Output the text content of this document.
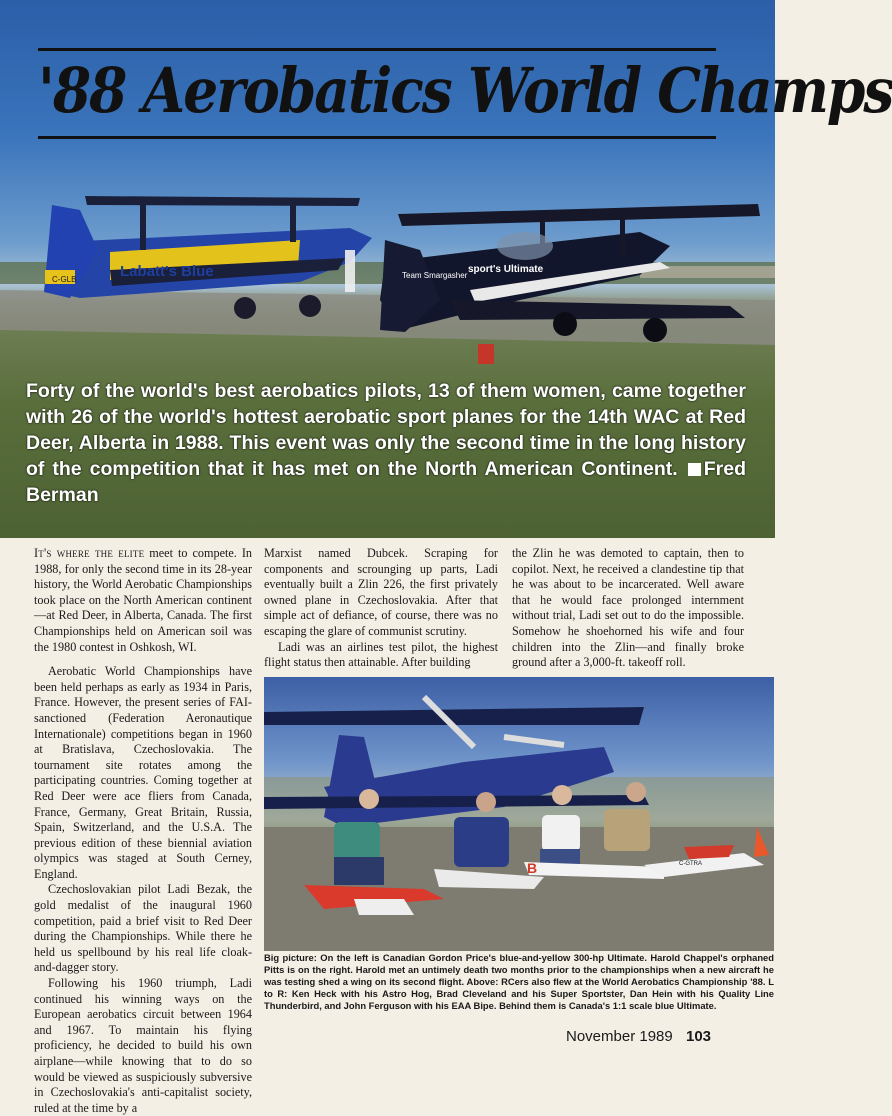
Labatt's Blue
C-GLB	Team Smargasher
sport's Ultimate
'88 Aerobatics World Champs
Forty of the world's best aerobatics pilots, 13 of them women, came together with 26 of the world's hottest aerobatic sport planes for the 14th WAC at Red Deer, Alberta in 1988. This event was only the second time in the long history of the competition that it has met on the North American Continent. Fred Berman

It's where the elite meet to compete. In 1988, for only the second time in its 28-year history, the World Aerobatic Championships took place on the North American continent—at Red Deer, in Alberta, Canada. The first Championships held on American soil was the 1980 contest in Oshkosh, WI.

Aerobatic World Championships have been held perhaps as early as 1934 in Paris, France. However, the present series of FAI-sanctioned (Federation Aeronautique Internationale) competitions began in 1960 at Bratislava, Czechoslovakia. The tournament site rotates among the participating countries. Coming together at Red Deer were ace fliers from Canada, France, Germany, Great Britain, Russia, Spain, Switzerland, and the U.S.A. The previous edition of these biennial aviation olympics was staged at South Cerney, England.

Czechoslovakian pilot Ladi Bezak, the gold medalist of the inaugural 1960 competition, paid a brief visit to Red Deer during the Championships. While there he held us spellbound by his real life cloak-and-dagger story.

Following his 1960 triumph, Ladi continued his winning ways on the European aerobatics circuit between 1964 and 1967. To maintain his flying proficiency, he decided to build his own airplane—while knowing that to do so would be viewed as suspiciously subversive in Czechoslovakia's anti-capitalist society, ruled at the time by a

Marxist named Dubcek. Scraping for components and scrounging up parts, Ladi eventually built a Zlin 226, the first privately owned plane in Czechoslovakia. After that simple act of defiance, of course, there was no escaping the glare of communist scrutiny.

Ladi was an airlines test pilot, the highest flight status then attainable. After building

the Zlin he was demoted to captain, then to copilot. Next, he received a clandestine tip that he was about to be incarcerated. Well aware that he would face prolonged internment without trial, Ladi set out to do the impossible. Somehow he shoehorned his wife and four children into the Zlin—and finally broke ground after a 3,000-ft. takeoff roll.

B	C-GTRA
Big picture: On the left is Canadian Gordon Price's blue-and-yellow 300-hp Ultimate. Harold Chappel's orphaned Pitts is on the right. Harold met an untimely death two months prior to the championships when a new aircraft he was testing shed a wing on its second flight. Above: RCers also flew at the World Aerobatics Championship '88. L to R: Ken Heck with his Astro Hog, Brad Cleveland and his Super Sportster, Dan Hein with his Quality Line Thunderbird, and John Ferguson with his EAA Bipe. Behind them is Canada's 1:1 scale blue Ultimate.
November 1989 103
